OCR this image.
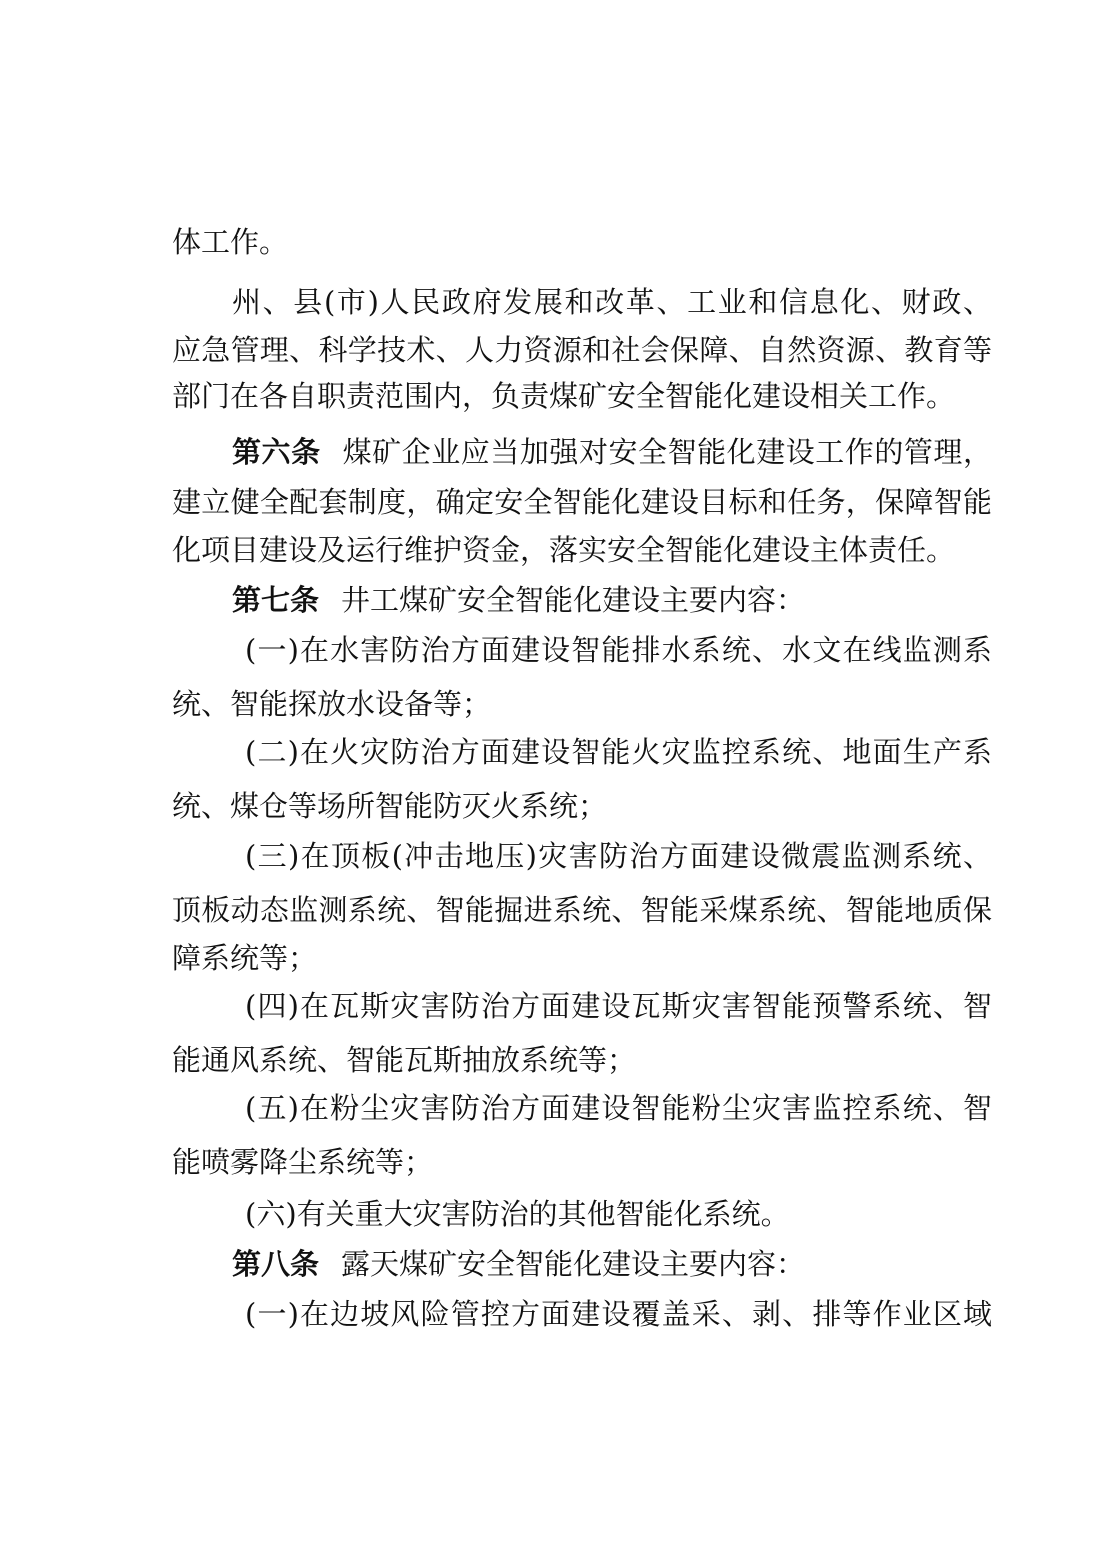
体工作。
州、县(市)人民政府发展和改革、工业和信息化、财政、
应急管理、科学技术、人力资源和社会保障、自然资源、教育等
部门在各自职责范围内，负责煤矿安全智能化建设相关工作。
第六条 煤矿企业应当加强对安全智能化建设工作的管理，
建立健全配套制度，确定安全智能化建设目标和任务，保障智能
化项目建设及运行维护资金，落实安全智能化建设主体责任。
第七条 井工煤矿安全智能化建设主要内容：
(一)在水害防治方面建设智能排水系统、水文在线监测系
统、智能探放水设备等；
(二)在火灾防治方面建设智能火灾监控系统、地面生产系
统、煤仓等场所智能防灭火系统；
(三)在顶板(冲击地压)灾害防治方面建设微震监测系统、
顶板动态监测系统、智能掘进系统、智能采煤系统、智能地质保
障系统等；
(四)在瓦斯灾害防治方面建设瓦斯灾害智能预警系统、智
能通风系统、智能瓦斯抽放系统等；
(五)在粉尘灾害防治方面建设智能粉尘灾害监控系统、智
能喷雾降尘系统等；
(六)有关重大灾害防治的其他智能化系统。
第八条 露天煤矿安全智能化建设主要内容：
(一)在边坡风险管控方面建设覆盖采、剥、排等作业区域
